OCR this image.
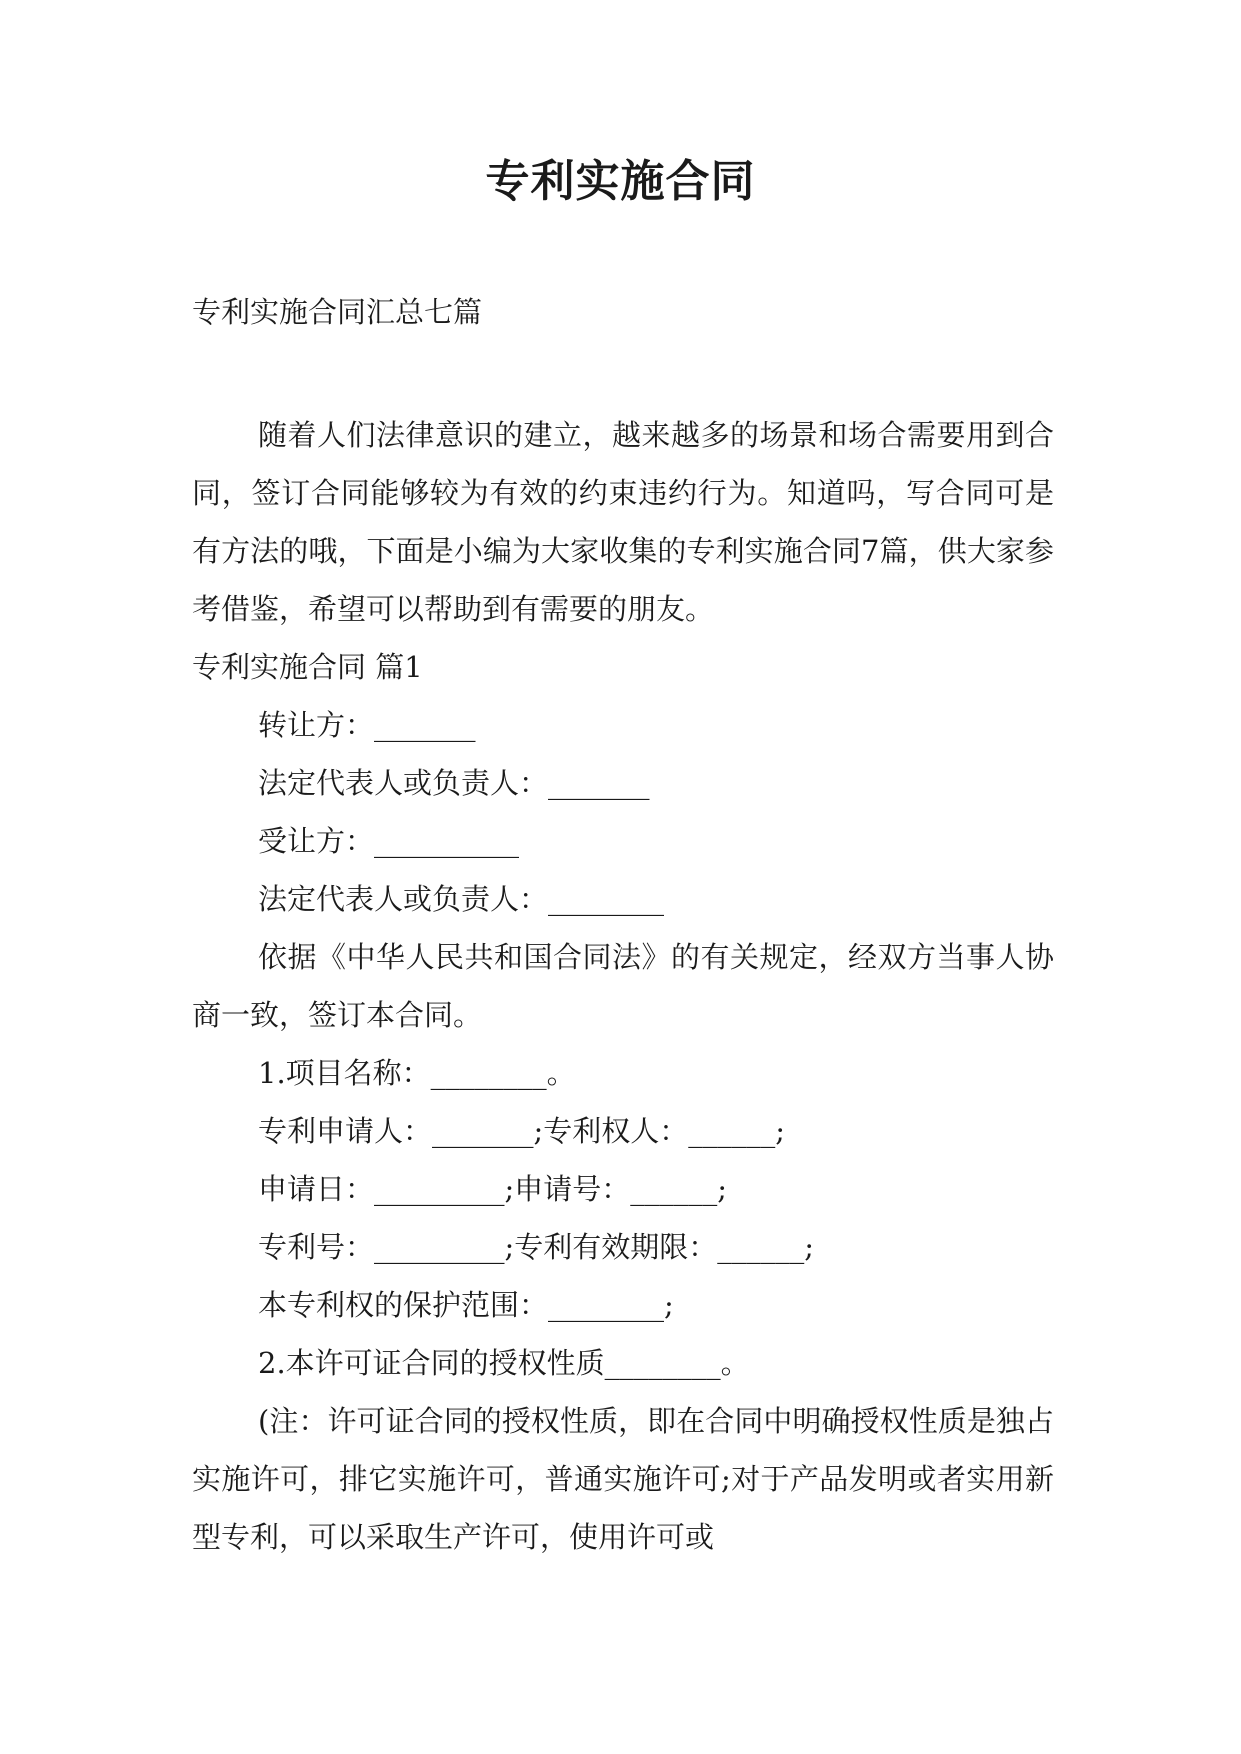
专利实施合同

专利实施合同汇总七篇

随着人们法律意识的建立，越来越多的场景和场合需要用到合同，签订合同能够较为有效的约束违约行为。知道吗，写合同可是有方法的哦，下面是小编为大家收集的专利实施合同7篇，供大家参考借鉴，希望可以帮助到有需要的朋友。

专利实施合同 篇1

转让方：_______

法定代表人或负责人：_______

受让方：__________

法定代表人或负责人：________

依据《中华人民共和国合同法》的有关规定，经双方当事人协商一致，签订本合同。

1.项目名称：________。

专利申请人：_______;专利权人：______;

申请日：_________;申请号：______;

专利号：_________;专利有效期限：______;

本专利权的保护范围：________;

2.本许可证合同的授权性质________。

(注：许可证合同的授权性质，即在合同中明确授权性质是独占实施许可，排它实施许可，普通实施许可;对于产品发明或者实用新型专利，可以采取生产许可，使用许可或
